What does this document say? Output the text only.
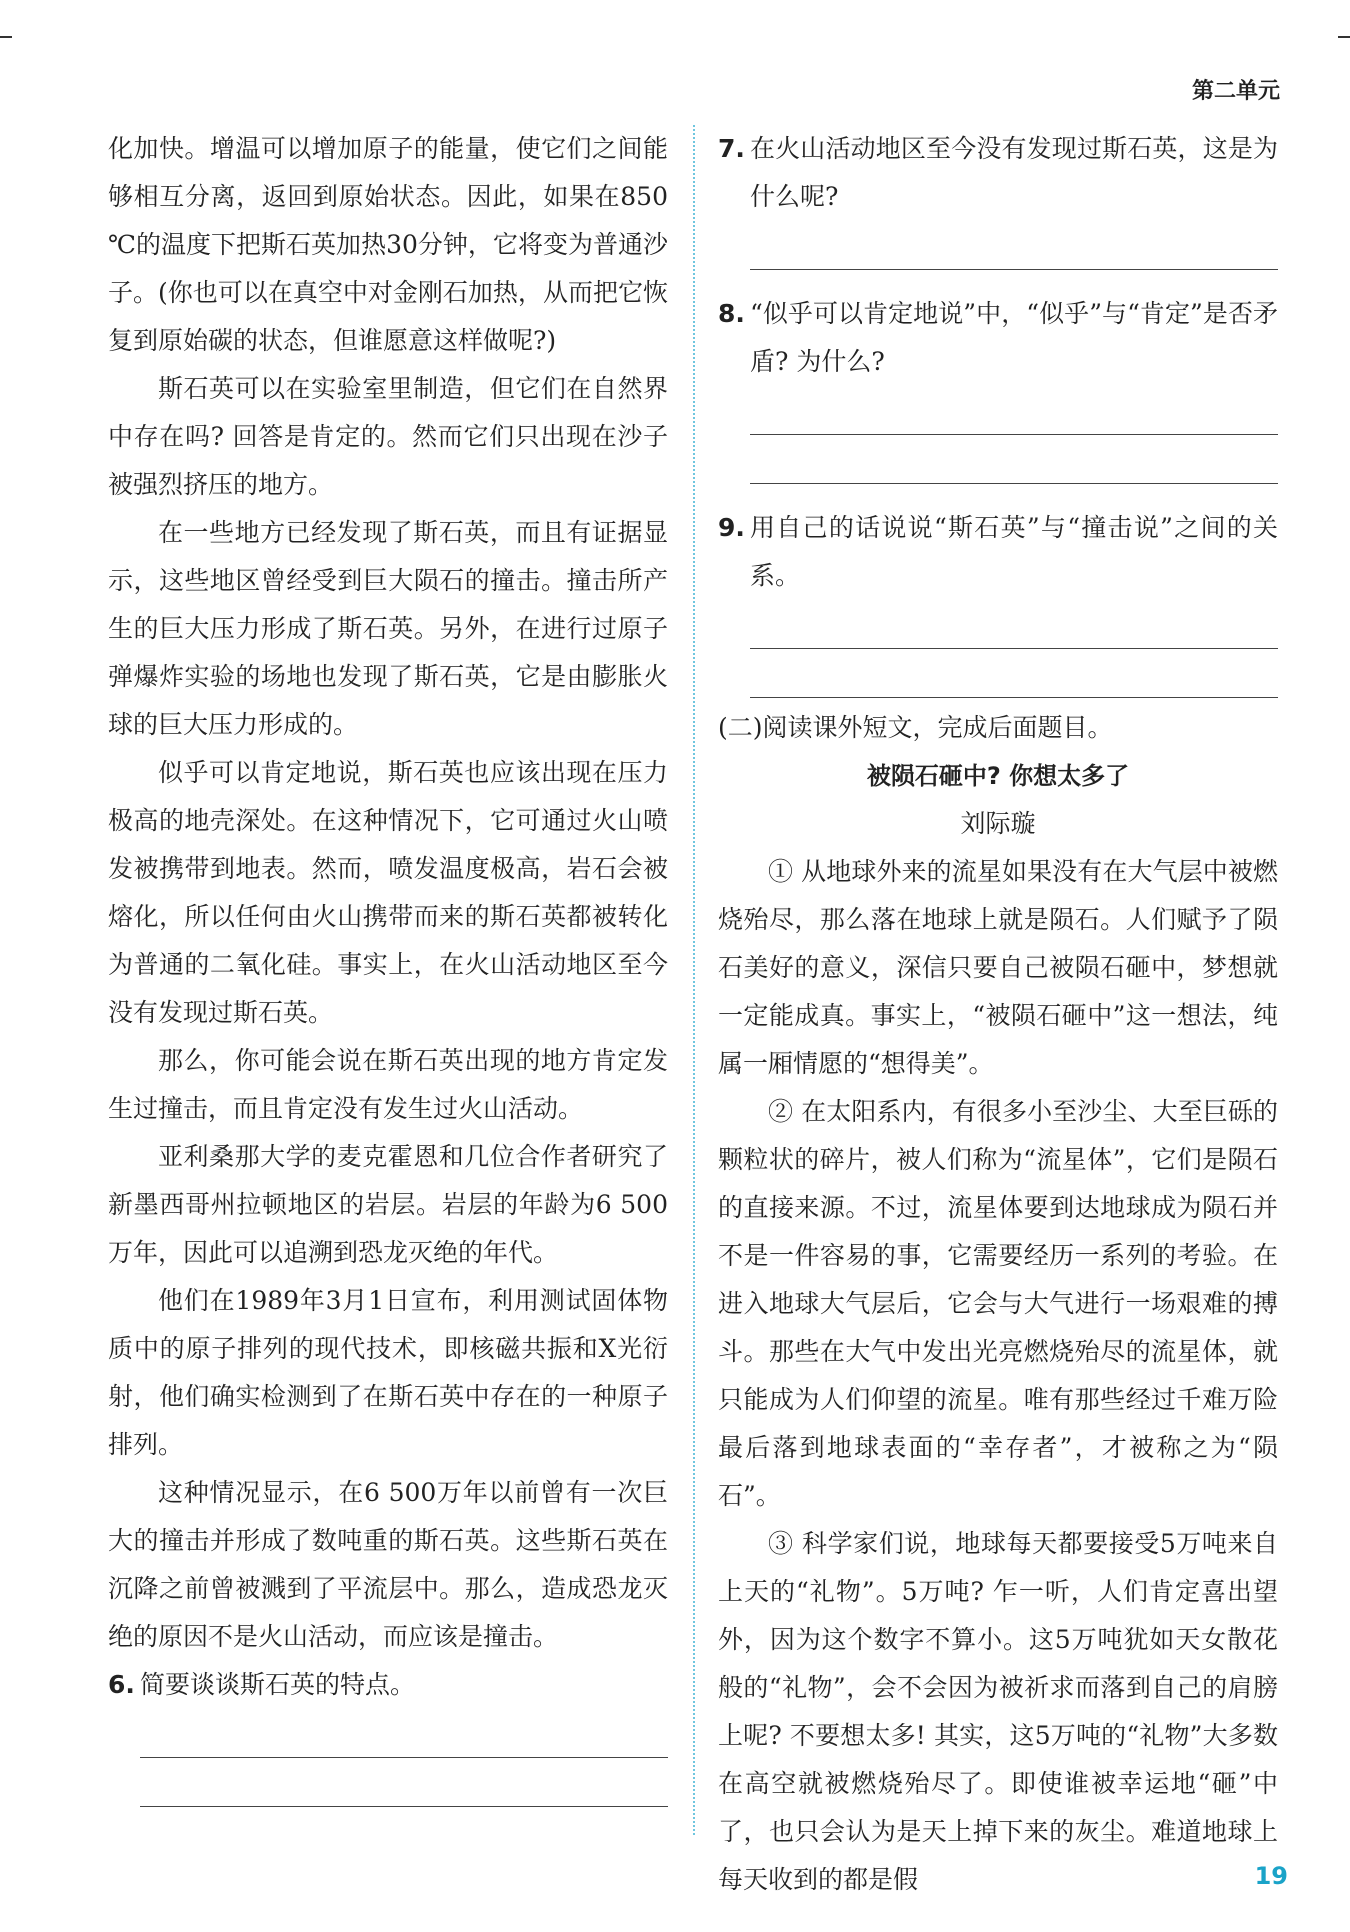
第二单元

化加快。增温可以增加原子的能量，使它们之间能够相互分离，返回到原始状态。因此，如果在850 ℃的温度下把斯石英加热30分钟，它将变为普通沙子。(你也可以在真空中对金刚石加热，从而把它恢复到原始碳的状态，但谁愿意这样做呢?)

斯石英可以在实验室里制造，但它们在自然界中存在吗? 回答是肯定的。然而它们只出现在沙子被强烈挤压的地方。

在一些地方已经发现了斯石英，而且有证据显示，这些地区曾经受到巨大陨石的撞击。撞击所产生的巨大压力形成了斯石英。另外，在进行过原子弹爆炸实验的场地也发现了斯石英，它是由膨胀火球的巨大压力形成的。

似乎可以肯定地说，斯石英也应该出现在压力极高的地壳深处。在这种情况下，它可通过火山喷发被携带到地表。然而，喷发温度极高，岩石会被熔化，所以任何由火山携带而来的斯石英都被转化为普通的二氧化硅。事实上，在火山活动地区至今没有发现过斯石英。

那么，你可能会说在斯石英出现的地方肯定发生过撞击，而且肯定没有发生过火山活动。

亚利桑那大学的麦克霍恩和几位合作者研究了新墨西哥州拉顿地区的岩层。岩层的年龄为6 500万年，因此可以追溯到恐龙灭绝的年代。

他们在1989年3月1日宣布，利用测试固体物质中的原子排列的现代技术，即核磁共振和X光衍射，他们确实检测到了在斯石英中存在的一种原子排列。

这种情况显示，在6 500万年以前曾有一次巨大的撞击并形成了数吨重的斯石英。这些斯石英在沉降之前曾被溅到了平流层中。那么，造成恐龙灭绝的原因不是火山活动，而应该是撞击。

6. 简要谈谈斯石英的特点。
7. 在火山活动地区至今没有发现过斯石英，这是为什么呢?
8. “似乎可以肯定地说”中，“似乎”与“肯定”是否矛盾? 为什么?
9. 用自己的话说说“斯石英”与“撞击说”之间的关系。

(二)阅读课外短文，完成后面题目。

被陨石砸中? 你想太多了

刘际璇

① 从地球外来的流星如果没有在大气层中被燃烧殆尽，那么落在地球上就是陨石。人们赋予了陨石美好的意义，深信只要自己被陨石砸中，梦想就一定能成真。事实上，“被陨石砸中”这一想法，纯属一厢情愿的“想得美”。

② 在太阳系内，有很多小至沙尘、大至巨砾的颗粒状的碎片，被人们称为“流星体”，它们是陨石的直接来源。不过，流星体要到达地球成为陨石并不是一件容易的事，它需要经历一系列的考验。在进入地球大气层后，它会与大气进行一场艰难的搏斗。那些在大气中发出光亮燃烧殆尽的流星体，就只能成为人们仰望的流星。唯有那些经过千难万险最后落到地球表面的“幸存者”，才被称之为“陨石”。

③ 科学家们说，地球每天都要接受5万吨来自上天的“礼物”。5万吨? 乍一听，人们肯定喜出望外，因为这个数字不算小。这5万吨犹如天女散花般的“礼物”，会不会因为被祈求而落到自己的肩膀上呢? 不要想太多! 其实，这5万吨的“礼物”大多数在高空就被燃烧殆尽了。即使谁被幸运地“砸”中了，也只会认为是天上掉下来的灰尘。难道地球上每天收到的都是假	19
